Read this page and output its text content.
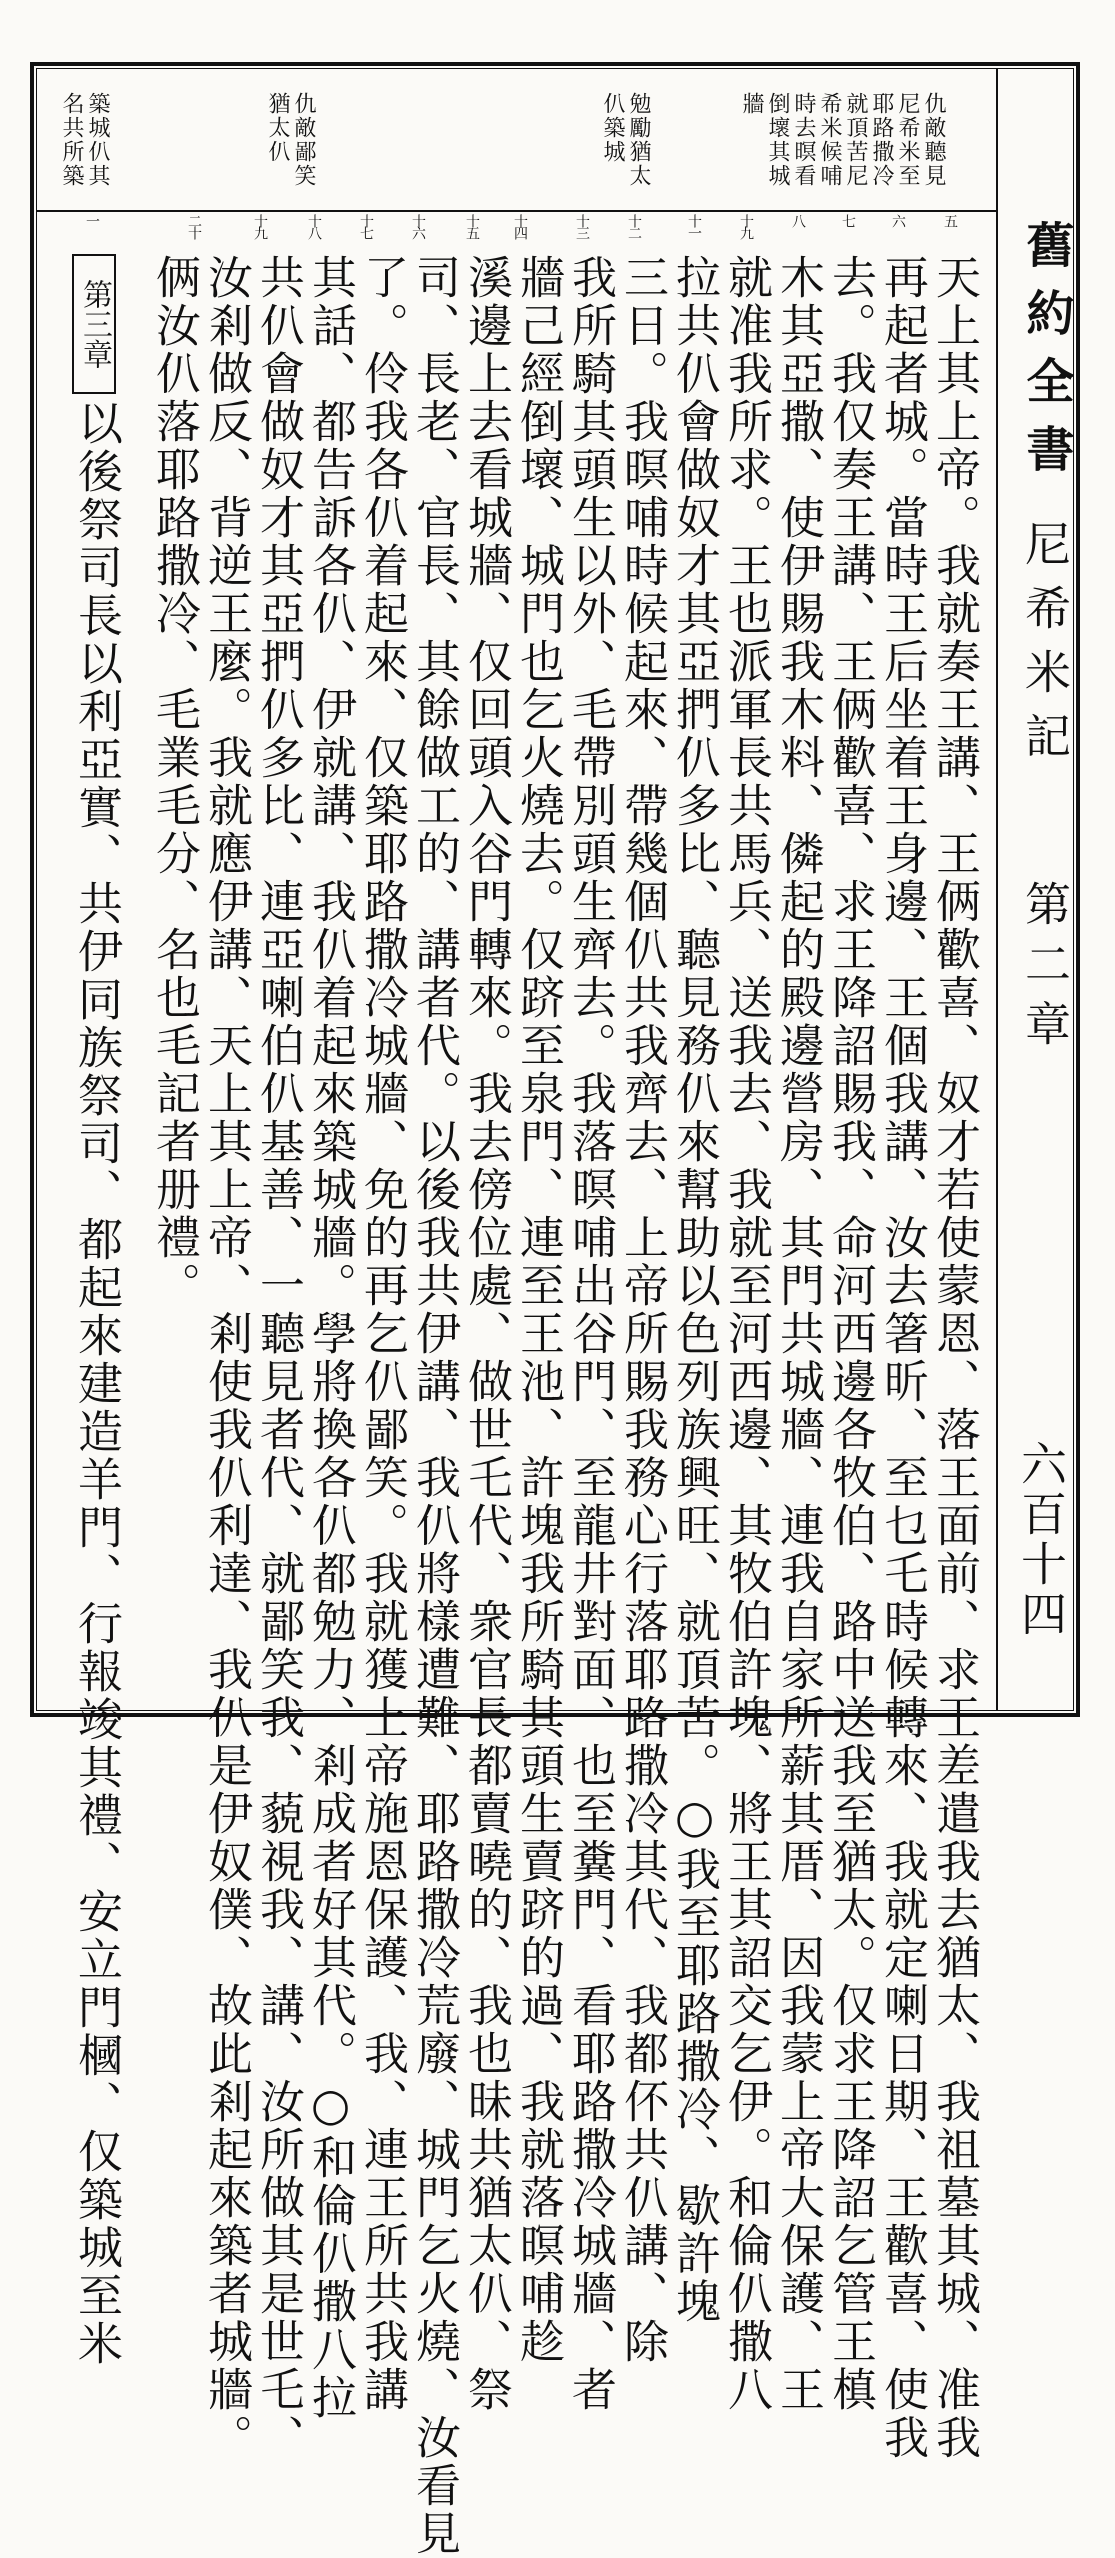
舊約全書
尼希米記
第二章
六百十四
仇敵聽見
尼希米至
耶路撒冷
就頂苦尼
希米候哺
時去暝看
倒壞其城
牆
勉勵猶太
仈築城
仇敵鄙笑
猶太仈
築城仈其
名共所築
五
六
七
八
十九
十一
十二
十三
十四
十五
十六
十七
十八
十九
二十
一
天上其上帝。我就奏王講、王俩歡喜、奴才若使蒙恩、落王面前、求王差遣我去猶太、我祖墓其城、准我
再起者城。當時王后坐着王身邊、王個我講、汝去箸昕、至乜乇時候轉來、我就定喇日期、王歡喜、使我
去。我仅奏王講、王俩歡喜、求王降詔賜我、命河西邊各牧伯、路中送我至猶太。仅求王降詔乞管王槙
木其亞撒、使伊賜我木料、僯起的殿邊營房、其門共城牆、連我自家所薪其厝、因我蒙上帝大保護、王
就准我所求。王也派軍長共馬兵、送我去、我就至河西邊、其牧伯許塊、將王其詔交乞伊。和倫仈撒八
拉共仈會做奴才其亞捫仈多比、聽見務仈來幫助以色列族興旺、就頂苦。○我至耶路撒冷、歇許塊
三日。我暝哺時候起來、帶幾個仈共我齊去、上帝所賜我務心行落耶路撒冷其代、我都伓共仈講、除
我所騎其頭生以外、毛帶別頭生齊去。我落暝哺出谷門、至龍井對面、也至糞門、看耶路撒冷城牆、者
牆己經倒壞、城門也乞火燒去。仅跻至泉門、連至王池、許塊我所騎其頭生賣跻的過、我就落暝哺趁
溪邊上去看城牆、仅回頭入谷門轉來。我去傍位處、做世乇代、衆官長都賣曉的、我也昧共猶太仈、祭
司、長老、官長、其餘做工的、講者代。以後我共伊講、我仈將樣遭難、耶路撒冷荒廢、城門乞火燒、汝看見
了。伶我各仈着起來、仅築耶路撒冷城牆、免的再乞仈鄙笑。我就獲上帝施恩保護、我、連王所共我講
其話、都告訴各仈、伊就講、我仈着起來築城牆。學將換各仈都勉力、剎成者好其代。○和倫仈撒八拉
共仈會做奴才其亞捫仈多比、連亞喇伯仈基善、一聽見者代、就鄙笑我、藐視我、講、汝所做其是世乇、
汝剎做反、背逆王麼。我就應伊講、天上其上帝、剎使我仈利達、我仈是伊奴僕、故此剎起來築者城牆。
俩汝仈落耶路撒冷、毛業毛分、名也毛記者册禮。
第三章
以後祭司長以利亞實、共伊同族祭司、都起來建造羊門、行報竣其禮、安立門槶、仅築城至米
